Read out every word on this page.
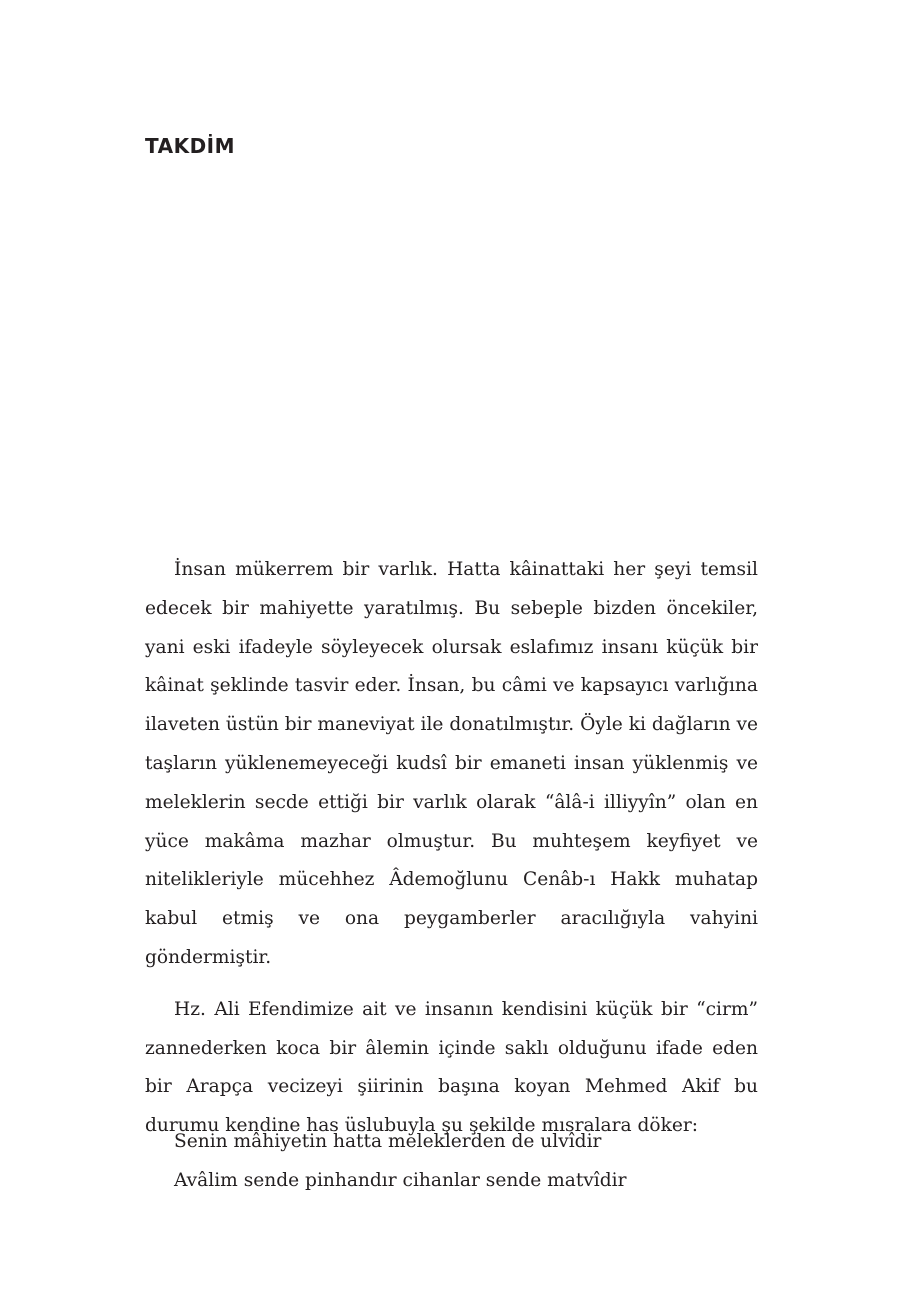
TAKDİM

İnsan mükerrem bir varlık. Hatta kâinattaki her şeyi temsil edecek bir mahiyette yaratılmış. Bu sebeple bizden öncekiler, yani eski ifadeyle söyleyecek olursak eslafımız insanı küçük bir kâinat şeklinde tasvir eder. İnsan, bu câmi ve kapsayıcı varlığına ilaveten üstün bir maneviyat ile donatılmıştır. Öyle ki dağların ve taşların yüklenemeyeceği kudsî bir emaneti insan yüklenmiş ve meleklerin secde ettiği bir varlık olarak “âlâ-i illiyyîn” olan en yüce makâma mazhar olmuştur. Bu muhteşem keyfiyet ve nitelikleriyle mücehhez Âdemoğlunu Cenâb-ı Hakk muhatap kabul etmiş ve ona peygamberler aracılığıyla vahyini göndermiştir.

Hz. Ali Efendimize ait ve insanın kendisini küçük bir “cirm” zannederken koca bir âlemin içinde saklı olduğunu ifade eden bir Arapça vecizeyi şiirinin başına koyan Mehmed Akif bu durumu kendine has üslubuyla şu şekilde mısralara döker:

Senin mâhiyetin hatta meleklerden de ulvîdir
Avâlim sende pinhandır cihanlar sende matvîdir
